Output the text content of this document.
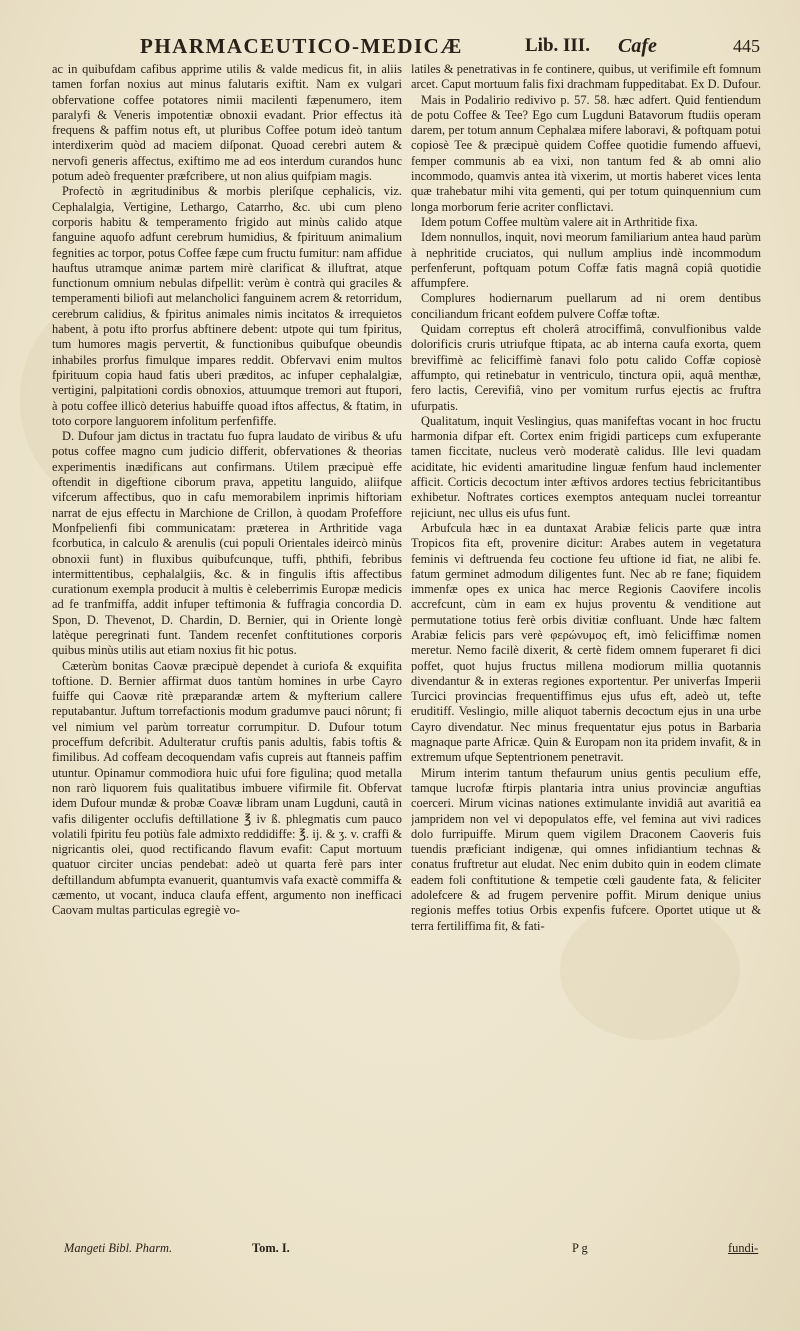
PHARMACEUTICO-MEDICÆ	Lib. III. Cafe	445

ac in quibufdam cafibus apprime utilis & valde medicus fit, in aliis tamen forfan noxius aut minus falutaris exiftit. Nam ex vulgari obfervatione coffee potatores nimii macilenti fæpenumero, item paralyfi & Veneris impotentiæ obnoxii evadant. Prior effectus ità frequens & paffim notus eft, ut pluribus Coffee potum ideò tantum interdixerim quòd ad maciem diſponat. Quoad cerebri autem & nervofi generis affectus, exiftimo me ad eos interdum curandos hunc potum adeò frequenter præfcribere, ut non alius quifpiam magis.

Profectò in ægritudinibus & morbis pleriſque cephalicis, viz. Cephalalgia, Vertigine, Lethargo, Catarrho, &c. ubi cum pleno corporis habitu & temperamento frigido aut minùs calido atque fanguine aquofo adfunt cerebrum humidius, & fpirituum animalium fegnities ac torpor, potus Coffee fæpe cum fructu fumitur: nam affidue hauftus utramque animæ partem mirè clarificat & illuftrat, atque functionum omnium nebulas difpellit: verùm è contrà qui graciles & temperamenti biliofi aut melancholici fanguinem acrem & retorridum, cerebrum calidius, & fpiritus animales nimis incitatos & irrequietos habent, à potu ifto prorfus abftinere debent: utpote qui tum fpiritus, tum humores magis pervertit, & functionibus quibufque obeundis inhabiles prorfus fimulque impares reddit. Obfervavi enim multos fpirituum copia haud fatis uberi præditos, ac infuper cephalalgiæ, vertigini, palpitationi cordis obnoxios, attuumque tremori aut ftupori, à potu coffee illicò deterius habuiffe quoad iftos affectus, & ftatim, in toto corpore languorem infolitum perfenfiffe.

D. Dufour jam dictus in tractatu fuo fupra laudato de viribus & ufu potus coffee magno cum judicio differit, obfervationes & theorias experimentis inædificans aut confirmans. Utilem præcipuè effe oftendit in digeftione ciborum prava, appetitu languido, aliifque vifcerum affectibus, quo in cafu memorabilem inprimis hiftoriam narrat de ejus effectu in Marchione de Crillon, à quodam Profeffore Monfpelienfi fibi communicatam: præterea in Arthritide vaga fcorbutica, in calculo & arenulis (cui populi Orientales ideircò minùs obnoxii funt) in fluxibus quibufcunque, tuffi, phthifi, febribus intermittentibus, cephalalgiis, &c. & in fingulis iftis affectibus curationum exempla producit à multis è celeberrimis Europæ medicis ad fe tranfmiffa, addit infuper teftimonia & fuffragia concordia D. Spon, D. Thevenot, D. Chardin, D. Bernier, qui in Oriente longè latèque peregrinati funt. Tandem recenfet conftitutiones corporis quibus minùs utilis aut etiam noxius fit hic potus.

Cæterùm bonitas Caovæ præcipuè dependet à curiofa & exquifita toftione. D. Bernier affirmat duos tantùm homines in urbe Cayro fuiffe qui Caovæ ritè præparandæ artem & myfterium callere reputabantur. Juftum torrefactionis modum gradumve pauci nôrunt; fi vel nimium vel parùm torreatur corrumpitur. D. Dufour totum proceffum defcribit. Adulteratur cruftis panis adultis, fabis toftis & fimilibus. Ad coffeam decoquendam vafis cupreis aut ftanneis paffim utuntur. Opinamur commodiora huic ufui fore figulina; quod metalla non rarò liquorem fuis qualitatibus imbuere vifirmile fit. Obfervat idem Dufour mundæ & probæ Coavæ libram unam Lugduni, cautâ in vafis diligenter occlufis deftillatione ℥ iv ß. phlegmatis cum pauco volatili fpiritu feu potiùs fale admixto reddidiffe: ℥. ij. & ʒ. v. craffi & nigricantis olei, quod rectificando flavum evafit: Caput mortuum quatuor circiter uncias pendebat: adeò ut quarta ferè pars inter deftillandum abfumpta evanuerit, quantumvis vafa exactè commiffa & cæmento, ut vocant, induca claufa effent, argumento non inefficaci Caovam multas particulas egregiè vo-

latiles & penetrativas in fe continere, quibus, ut verifimile eft fomnum arcet. Caput mortuum falis fixi drachmam fuppeditabat. Ex D. Dufour.

Mais in Podalirio redivivo p. 57. 58. hæc adfert. Quid fentiendum de potu Coffee & Tee? Ego cum Lugduni Batavorum ftudiis operam darem, per totum annum Cephalæa mifere laboravi, & poftquam potui copiosè Tee & præcipuè quidem Coffee quotidie fumendo affuevi, femper communis ab ea vixi, non tantum fed & ab omni alio incommodo, quamvis antea ità vixerim, ut mortis haberet vices lenta quæ trahebatur mihi vita gementi, qui per totum quinquennium cum longa morborum ferie acriter conflictavi.

Idem potum Coffee multùm valere ait in Arthritide fixa.

Idem nonnullos, inquit, novi meorum familiarium antea haud parùm à nephritide cruciatos, qui nullum amplius indè incommodum perfenferunt, poftquam potum Coffæ fatis magnâ copiâ quotidie affumpfere.

Complures hodiernarum puellarum ad ni orem dentibus conciliandum fricant eofdem pulvere Coffæ toftæ.

Quidam correptus eft cholerâ atrociffimâ, convulfionibus valde dolorificis cruris utriufque ftipata, ac ab interna caufa exorta, quem breviffimè ac feliciffimè fanavi folo potu calido Coffæ copiosè affumpto, qui retinebatur in ventriculo, tinctura opii, aquâ menthæ, fero lactis, Cerevifiâ, vino per vomitum rurfus ejectis ac fruftra ufurpatis.

Qualitatum, inquit Veslingius, quas manifeftas vocant in hoc fructu harmonia difpar eft. Cortex enim frigidi particeps cum exfuperante tamen ficcitate, nucleus verò moderatè calidus. Ille levi quadam aciditate, hic evidenti amaritudine linguæ fenfum haud inclementer afficit. Corticis decoctum inter æftivos ardores tectius febricitantibus exhibetur. Noftrates cortices exemptos antequam nuclei torreantur rejiciunt, nec ullus eis ufus funt.

Arbufcula hæc in ea duntaxat Arabiæ felicis parte quæ intra Tropicos fita eft, provenire dicitur: Arabes autem in vegetatura feminis vi deftruenda feu coctione feu uftione id fiat, ne alibi fe. fatum germinet admodum diligentes funt. Nec ab re fane; fiquidem immenfæ opes ex unica hac merce Regionis Caovifere incolis accrefcunt, cùm in eam ex hujus proventu & venditione aut permutatione totius ferè orbis divitiæ confluant. Unde hæc faltem Arabiæ felicis pars verè φερώνυμος eft, imò feliciffimæ nomen meretur. Nemo facilè dixerit, & certè fidem omnem fuperaret fi dici poffet, quot hujus fructus millena modiorum millia quotannis divendantur & in exteras regiones exportentur. Per univerfas Imperii Turcici provincias frequentiffimus ejus ufus eft, adeò ut, tefte eruditiff. Veslingio, mille aliquot tabernis decoctum ejus in una urbe Cayro divendatur. Nec minus frequentatur ejus potus in Barbaria magnaque parte Africæ. Quin & Europam non ita pridem invafit, & in extremum ufque Septentrionem penetravit.

Mirum interim tantum thefaurum unius gentis peculium effe, tamque lucrofæ ftirpis plantaria intra unius provinciæ anguftias coerceri. Mirum vicinas nationes extimulante invidiâ aut avaritiâ ea jampridem non vel vi depopulatos effe, vel femina aut vivi radices dolo furripuiffe. Mirum quem vigilem Draconem Caoveris fuis tuendis præficiant indigenæ, qui omnes infidiantium technas & conatus fruftretur aut eludat. Nec enim dubito quin in eodem climate eadem foli conftitutione & tempetie cœli gaudente fata, & feliciter adolefcere & ad frugem pervenire poffit. Mirum denique unius regionis meffes totius Orbis expenfis fufcere. Oportet utique ut & terra fertiliffima fit, & fati-

Mangeti Bibl. Pharm.	Tom. I.	P g	fundi-
